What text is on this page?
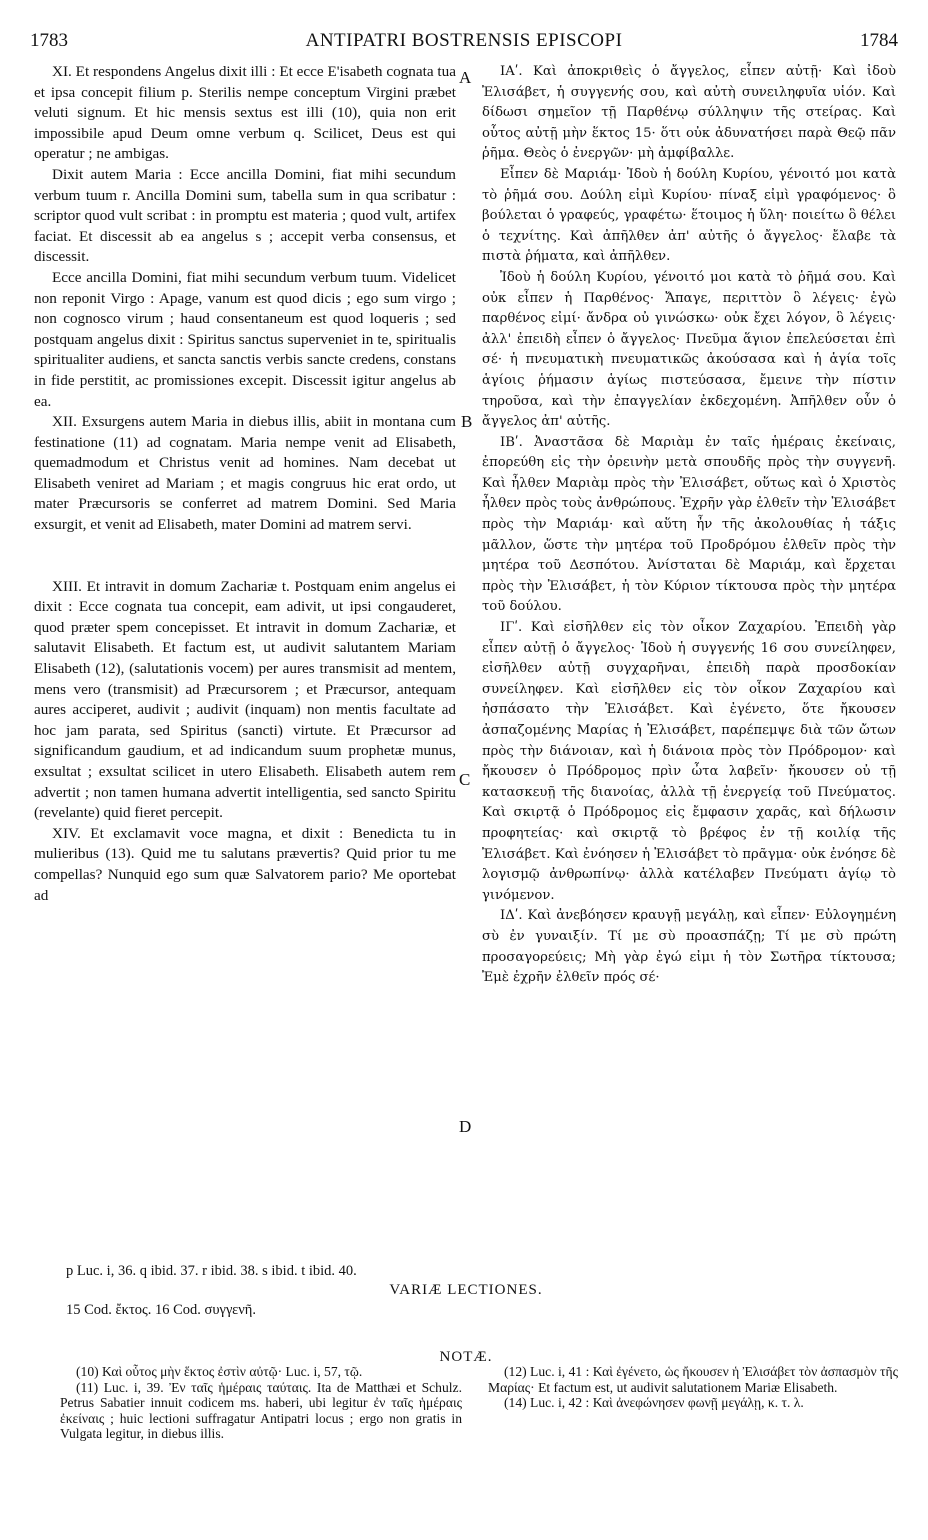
1783	ANTIPATRI BOSTRENSIS EPISCOPI	1784
A
B
C
D

XI. Et respondens Angelus dixit illi : Et ecce E'isabeth cognata tua et ipsa concepit filium p. Sterilis nempe conceptum Virgini præbet veluti signum. Et hic mensis sextus est illi (10), quia non erit impossibile apud Deum omne verbum q. Scilicet, Deus est qui operatur ; ne ambigas.

Dixit autem Maria : Ecce ancilla Domini, fiat mihi secundum verbum tuum r. Ancilla Domini sum, tabella sum in qua scribatur : scriptor quod vult scribat : in promptu est materia ; quod vult, artifex faciat. Et discessit ab ea angelus s ; accepit verba consensus, et discessit.

Ecce ancilla Domini, fiat mihi secundum verbum tuum. Videlicet non reponit Virgo : Apage, vanum est quod dicis ; ego sum virgo ; non cognosco virum ; haud consentaneum est quod loqueris ; sed postquam angelus dixit : Spiritus sanctus superveniet in te, spiritualis spiritualiter audiens, et sancta sanctis verbis sancte credens, constans in fide perstitit, ac promissiones excepit. Discessit igitur angelus ab ea.

XII. Exsurgens autem Maria in diebus illis, abiit in montana cum festinatione (11) ad cognatam. Maria nempe venit ad Elisabeth, quemadmodum et Christus venit ad homines. Nam decebat ut Elisabeth veniret ad Mariam ; et magis congruus hic erat ordo, ut mater Præcursoris se conferret ad matrem Domini. Sed Maria exsurgit, et venit ad Elisabeth, mater Domini ad matrem servi.

XIII. Et intravit in domum Zachariæ t. Postquam enim angelus ei dixit : Ecce cognata tua concepit, eam adivit, ut ipsi congauderet, quod præter spem concepisset. Et intravit in domum Zachariæ, et salutavit Elisabeth. Et factum est, ut audivit salutantem Mariam Elisabeth (12), (salutationis vocem) per aures transmisit ad mentem, mens vero (transmisit) ad Præcursorem ; et Præcursor, antequam aures acciperet, audivit ; audivit (inquam) non mentis facultate ad hoc jam parata, sed Spiritus (sancti) virtute. Et Præcursor ad significandum gaudium, et ad indicandum suum prophetæ munus, exsultat ; exsultat scilicet in utero Elisabeth. Elisabeth autem rem advertit ; non tamen humana advertit intelligentia, sed sancto Spiritu (revelante) quid fieret percepit.

XIV. Et exclamavit voce magna, et dixit : Benedicta tu in mulieribus (13). Quid me tu salutans prævertis? Quid prior tu me compellas? Nunquid ego sum quæ Salvatorem pario? Me oportebat ad

ΙΑʹ. Καὶ ἀποκριθεὶς ὁ ἄγγελος, εἶπεν αὐτῇ· Καὶ ἰδοὺ Ἐλισάβετ, ἡ συγγενής σου, καὶ αὐτὴ συνειληφυῖα υἱόν. Καὶ δίδωσι σημεῖον τῇ Παρθένῳ σύλληψιν τῆς στείρας. Καὶ οὗτος αὐτῇ μὴν ἕκτος 15· ὅτι οὐκ ἀδυνατήσει παρὰ Θεῷ πᾶν ῥῆμα. Θεὸς ὁ ἐνεργῶν· μὴ ἀμφίβαλλε.

Εἶπεν δὲ Μαριάμ· Ἰδοὺ ἡ δούλη Κυρίου, γένοιτό μοι κατὰ τὸ ῥῆμά σου. Δούλη εἰμὶ Κυρίου· πίναξ εἰμὶ γραφόμενος· ὃ βούλεται ὁ γραφεύς, γραφέτω· ἕτοιμος ἡ ὕλη· ποιείτω ὃ θέλει ὁ τεχνίτης. Καὶ ἀπῆλθεν ἀπ' αὐτῆς ὁ ἄγγελος· ἔλαβε τὰ πιστὰ ῥήματα, καὶ ἀπῆλθεν.

Ἰδοὺ ἡ δούλη Κυρίου, γένοιτό μοι κατὰ τὸ ῥῆμά σου. Καὶ οὐκ εἶπεν ἡ Παρθένος· Ἄπαγε, περιττὸν ὃ λέγεις· ἐγὼ παρθένος εἰμί· ἄνδρα οὐ γινώσκω· οὐκ ἔχει λόγον, ὃ λέγεις· ἀλλ' ἐπειδὴ εἶπεν ὁ ἄγγελος· Πνεῦμα ἅγιον ἐπελεύσεται ἐπὶ σέ· ἡ πνευματικὴ πνευματικῶς ἀκούσασα καὶ ἡ ἁγία τοῖς ἁγίοις ῥήμασιν ἁγίως πιστεύσασα, ἔμεινε τὴν πίστιν τηροῦσα, καὶ τὴν ἐπαγγελίαν ἐκδεχομένη. Ἀπῆλθεν οὖν ὁ ἄγγελος ἀπ' αὐτῆς.

ΙΒʹ. Ἀναστᾶσα δὲ Μαριὰμ ἐν ταῖς ἡμέραις ἐκείναις, ἐπορεύθη εἰς τὴν ὀρεινὴν μετὰ σπουδῆς πρὸς τὴν συγγενῆ. Καὶ ἦλθεν Μαριὰμ πρὸς τὴν Ἐλισάβετ, οὕτως καὶ ὁ Χριστὸς ἦλθεν πρὸς τοὺς ἀνθρώπους. Ἐχρῆν γὰρ ἐλθεῖν τὴν Ἐλισάβετ πρὸς τὴν Μαριάμ· καὶ αὕτη ἦν τῆς ἀκολουθίας ἡ τάξις μᾶλλον, ὥστε τὴν μητέρα τοῦ Προδρόμου ἐλθεῖν πρὸς τὴν μητέρα τοῦ Δεσπότου. Ἀνίσταται δὲ Μαριάμ, καὶ ἔρχεται πρὸς τὴν Ἐλισάβετ, ἡ τὸν Κύριον τίκτουσα πρὸς τὴν μητέρα τοῦ δούλου.

ΙΓʹ. Καὶ εἰσῆλθεν εἰς τὸν οἶκον Ζαχαρίου. Ἐπειδὴ γὰρ εἶπεν αὐτῇ ὁ ἄγγελος· Ἰδοὺ ἡ συγγενής 16 σου συνείληφεν, εἰσῆλθεν αὐτῇ συγχαρῆναι, ἐπειδὴ παρὰ προσδοκίαν συνείληφεν. Καὶ εἰσῆλθεν εἰς τὸν οἶκον Ζαχαρίου καὶ ἠσπάσατο τὴν Ἐλισάβετ. Καὶ ἐγένετο, ὅτε ἤκουσεν ἀσπαζομένης Μαρίας ἡ Ἐλισάβετ, παρέπεμψε διὰ τῶν ὤτων πρὸς τὴν διάνοιαν, καὶ ἡ διάνοια πρὸς τὸν Πρόδρομον· καὶ ἤκουσεν ὁ Πρόδρομος πρὶν ὦτα λαβεῖν· ἤκουσεν οὐ τῇ κατασκευῇ τῆς διανοίας, ἀλλὰ τῇ ἐνεργείᾳ τοῦ Πνεύματος. Καὶ σκιρτᾷ ὁ Πρόδρομος εἰς ἔμφασιν χαρᾶς, καὶ δήλωσιν προφητείας· καὶ σκιρτᾷ τὸ βρέφος ἐν τῇ κοιλίᾳ τῆς Ἐλισάβετ. Καὶ ἐνόησεν ἡ Ἐλισάβετ τὸ πρᾶγμα· οὐκ ἐνόησε δὲ λογισμῷ ἀνθρωπίνῳ· ἀλλὰ κατέλαβεν Πνεύματι ἁγίῳ τὸ γινόμενον.

ΙΔʹ. Καὶ ἀνεβόησεν κραυγῇ μεγάλῃ, καὶ εἶπεν· Εὐλογημένη σὺ ἐν γυναιξίν. Τί με σὺ προασπάζῃ; Τί με σὺ πρώτη προσαγορεύεις; Μὴ γὰρ ἐγώ εἰμι ἡ τὸν Σωτῆρα τίκτουσα; Ἐμὲ ἐχρῆν ἐλθεῖν πρός σέ·

p Luc. i, 36. q ibid. 37. r ibid. 38. s ibid. t ibid. 40.
VARIÆ LECTIONES.
15 Cod. ἔκτος. 16 Cod. συγγενῆ.
NOTÆ.

(10) Καὶ οὗτος μὴν ἕκτος ἐστὶν αὐτῷ· Luc. i, 57, τῷ.

(11) Luc. i, 39. Ἐν ταῖς ἡμέραις ταύταις. Ita de Matthæi et Schulz. Petrus Sabatier innuit codicem ms. haberi, ubi legitur ἐν ταῖς ἡμέραις ἐκείναις ; huic lectioni suffragatur Antipatri locus ; ergo non gratis in Vulgata legitur, in diebus illis.

(12) Luc. i, 41 : Καὶ ἐγένετο, ὡς ἤκουσεν ἡ Ἐλισάβετ τὸν ἀσπασμὸν τῆς Μαρίας· Et factum est, ut audivit salutationem Mariæ Elisabeth.

(14) Luc. i, 42 : Καὶ ἀνεφώνησεν φωνῇ μεγάλῃ, κ. τ. λ.
